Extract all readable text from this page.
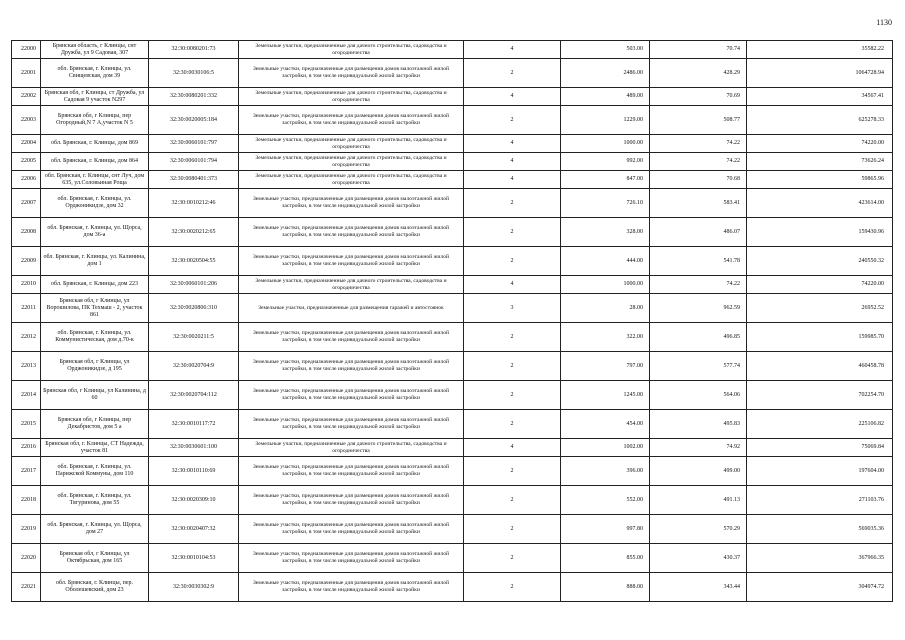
1130
22000	Брянская область, г Клинцы, снт Дружба, ул 9 Садовая, 307	32:30:0080201:73	Земельные участки, предназначенные для дачного строительства, садоводства и огородничества	4	503.00	70.74	35582.22
22001	обл. Брянская, г. Клинцы, ул. Свищевская, дом 39	32:30:0030106:5	Земельные участки, предназначенные для размещения домов малоэтажной жилой застройки, в том числе индивидуальной жилой застройки	2	2486.00	428.29	1064728.94
22002	Брянская обл, г Клинцы, ст Дружба, ул Садовая 9 участок N297	32:30:0080201:332	Земельные участки, предназначенные для дачного строительства, садоводства и огородничества	4	489.00	70.69	34567.41
22003	Брянская обл, г Клинцы, пер Огородный,N 7 А,участок N 5	32:30:0020005:184	Земельные участки, предназначенные для размещения домов малоэтажной жилой застройки, в том числе индивидуальной жилой застройки	2	1229.00	508.77	625278.33
22004	обл. Брянская, г. Клинцы, дом 869	32:30:0060101:797	Земельные участки, предназначенные для дачного строительства, садоводства и огородничества	4	1000.00	74.22	74220.00
22005	обл. Брянская, г. Клинцы, дом 864	32:30:0060101:794	Земельные участки, предназначенные для дачного строительства, садоводства и огородничества	4	992.00	74.22	73626.24
22006	обл. Брянская, г. Клинцы, снт Луч, дом 635, ул.Соловьиная Роща	32:30:0080401:373	Земельные участки, предназначенные для дачного строительства, садоводства и огородничества	4	847.00	70.68	59865.96
22007	обл. Брянская, г. Клинцы, ул. Орджоникидзе, дом 32	32:30:0010212:46	Земельные участки, предназначенные для размещения домов малоэтажной жилой застройки, в том числе индивидуальной жилой застройки	2	726.10	583.41	423614.00
22008	обл. Брянская, г. Клинцы, ул. Щорса, дом 36-а	32:30:0020212:65	Земельные участки, предназначенные для размещения домов малоэтажной жилой застройки, в том числе индивидуальной жилой застройки	2	328.00	486.07	159430.96
22009	обл. Брянская, г. Клинцы, ул. Калинина, дом 1	32:30:0020504:55	Земельные участки, предназначенные для размещения домов малоэтажной жилой застройки, в том числе индивидуальной жилой застройки	2	444.00	541.78	240550.32
22010	обл. Брянская, г. Клинцы, дом 223	32:30:0060101:206	Земельные участки, предназначенные для дачного строительства, садоводства и огородничества	4	1000.00	74.22	74220.00
22011	Брянская обл, г Клинцы, ул Ворошилова, ПК Техмаш - 2, участок 861	32:30:0020806:310	Земельные участки, предназначенные для размещения гаражей и автостоянок	3	28.00	962.59	26952.52
22012	обл. Брянская, г. Клинцы, ул. Коммунистическая, дом д.70-к	32:30:0020211:5	Земельные участки, предназначенные для размещения домов малоэтажной жилой застройки, в том числе индивидуальной жилой застройки	2	322.00	496.85	159985.70
22013	Брянская обл, г Клинцы, ул Орджоникидзе, д 195	32:30:0020704:9	Земельные участки, предназначенные для размещения домов малоэтажной жилой застройки, в том числе индивидуальной жилой застройки	2	797.00	577.74	460458.78
22014	Брянская обл, г Клинцы, ул Калинина, д 60	32:30:0020704:112	Земельные участки, предназначенные для размещения домов малоэтажной жилой застройки, в том числе индивидуальной жилой застройки	2	1245.00	564.06	702254.70
22015	Брянская обл, г Клинцы, пер Декабристов, дом 5 а	32:30:0010117:72	Земельные участки, предназначенные для размещения домов малоэтажной жилой застройки, в том числе индивидуальной жилой застройки	2	454.00	495.83	225106.82
22016	Брянская обл, г. Клинцы, СТ Надежда, участок 81	32:30:0030601:100	Земельные участки, предназначенные для дачного строительства, садоводства и огородничества	4	1002.00	74.92	75069.84
22017	обл. Брянская, г. Клинцы, ул. Парижской Коммуны, дом 110	32:30:0010110:69	Земельные участки, предназначенные для размещения домов малоэтажной жилой застройки, в том числе индивидуальной жилой застройки	2	396.00	499.00	197604.00
22018	обл. Брянская, г. Клинцы, ул. Тягуринова, дом 55	32:30:0020309:10	Земельные участки, предназначенные для размещения домов малоэтажной жилой застройки, в том числе индивидуальной жилой застройки	2	552.00	491.13	271103.76
22019	обл. Брянская, г. Клинцы, ул. Щорса, дом 27	32:30:0020407:32	Земельные участки, предназначенные для размещения домов малоэтажной жилой застройки, в том числе индивидуальной жилой застройки	2	997.80	570.29	569035.36
22020	Брянская обл, г Клинцы, ул Октябрьская, дом 165	32:30:0010104:53	Земельные участки, предназначенные для размещения домов малоэтажной жилой застройки, в том числе индивидуальной жилой застройки	2	855.00	430.37	367966.35
22021	обл. Брянская, г. Клинцы, пер. Оболешевский, дом 23	32:30:0030302:9	Земельные участки, предназначенные для размещения домов малоэтажной жилой застройки, в том числе индивидуальной жилой застройки	2	888.00	343.44	304974.72
